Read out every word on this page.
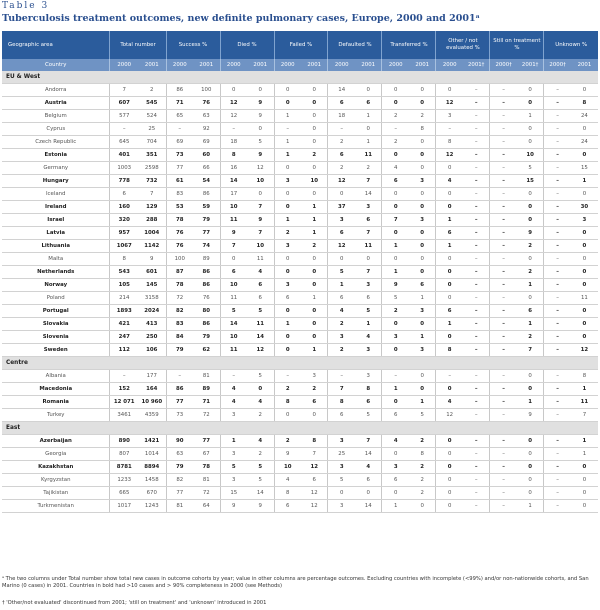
Table 3
Tuberculosis treatment outcomes, new definite pulmonary cases, Europe, 2000 and 2001ᵃ
Geographic area	Total number		Success %		Died %		Failed %		Defaulted %		Transferred %		Other / not evaluated %		Still on treatment %		Unknown %	
Country	2000	2001	2000	2001	2000	2001	2000	2001	2000	2001	2000	2001	2000	2001†	2000†	2001†	2000†	2001
EU & West																		
Andorra	7	2	86	100	0	0	0	0	14	0	0	0	0	–	–	0	–	0
Austria	607	545	71	76	12	9	0	0	6	6	0	0	12	–	–	0	–	8
Belgium	577	524	65	63	12	9	1	0	18	1	2	2	3	–	–	1	–	24
Cyprus	–	25	–	92	–	0	–	0	–	0	–	8	–	–	–	0	–	0
Czech Republic	645	704	69	69	18	5	1	0	2	1	2	0	8	–	–	0	–	24
Estonia	401	351	73	60	8	9	1	2	6	11	0	0	12	–	–	10	–	0
Germany	1003	2598	77	66	16	12	0	0	2	2	4	0	0	–	–	5	–	15
Hungary	778	732	61	54	14	10	3	10	12	7	6	3	4	–	–	15	–	1
Iceland	6	7	83	86	17	0	0	0	0	14	0	0	0	–	–	0	–	0
Ireland	160	129	53	59	10	7	0	1	37	3	0	0	0	–	–	0	–	30
Israel	320	288	78	79	11	9	1	1	3	6	7	3	1	–	–	0	–	3
Latvia	957	1004	76	77	9	7	2	1	6	7	0	0	6	–	–	9	–	0
Lithuania	1067	1142	76	74	7	10	3	2	12	11	1	0	1	–	–	2	–	0
Malta	8	9	100	89	0	11	0	0	0	0	0	0	0	–	–	0	–	0
Netherlands	543	601	87	86	6	4	0	0	5	7	1	0	0	–	–	2	–	0
Norway	105	145	78	86	10	6	3	0	1	3	9	6	0	–	–	1	–	0
Poland	214	3158	72	76	11	6	6	1	6	6	5	1	0	–	–	0	–	11
Portugal	1893	2024	82	80	5	5	0	0	4	5	2	3	6	–	–	6	–	0
Slovakia	421	413	83	86	14	11	1	0	2	1	0	0	1	–	–	1	–	0
Slovenia	247	250	84	79	10	14	0	0	3	4	3	1	0	–	–	2	–	0
Sweden	112	106	79	62	11	12	0	1	2	3	0	3	8	–	–	7	–	12
Centre																		
Albania	–	177	–	81	–	5	–	3	–	3	–	0	–	–	–	0	–	8
Macedonia	152	164	86	89	4	0	2	2	7	8	1	0	0	–	–	0	–	1
Romania	12 071	10 960	77	71	4	4	8	6	8	6	0	1	4	–	–	1	–	11
Turkey	3461	4359	73	72	3	2	0	0	6	5	6	5	12	–	–	9	–	7
East																		
Azerbaijan	890	1421	90	77	1	4	2	8	3	7	4	2	0	–	–	0	–	1
Georgia	807	1014	63	67	3	2	9	7	25	14	0	8	0	–	–	0	–	1
Kazakhstan	8781	8894	79	78	5	5	10	12	3	4	3	2	0	–	–	0	–	0
Kyrgyzstan	1233	1458	82	81	3	5	4	6	5	6	6	2	0	–	–	0	–	0
Tajikistan	665	670	77	72	15	14	8	12	0	0	0	2	0	–	–	0	–	0
Turkmenistan	1017	1243	81	64	9	9	6	12	3	14	1	0	0	–	–	1	–	0
ᵃ The two columns under Total number show total new cases in outcome cohorts by year; value in other columns are percentage outcomes. Excluding countries with incomplete (<99%) and/or non-nationwide cohorts, and San Marino (0 cases) in 2001. Countries in bold had >10 cases and > 90% completeness in 2000 (see Methods)
† 'Other/not evaluated' discontinued from 2001; 'still on treatment' and 'unknown' introduced in 2001
